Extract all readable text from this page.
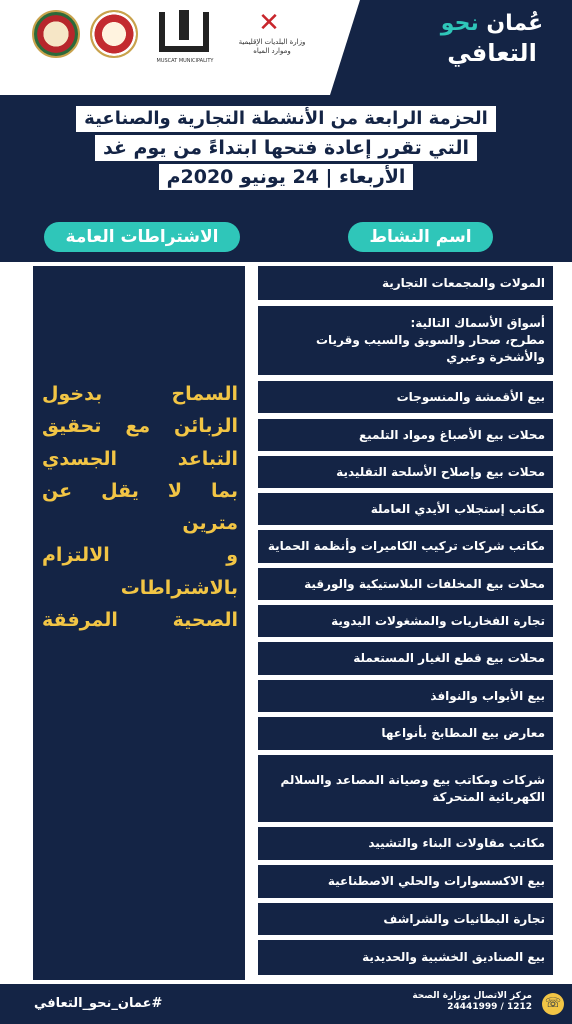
MUSCAT MUNICIPALITY
✕
وزارة البلديات الإقليمية
وموارد المياه
عُمان نحو
التعافي
الحزمة الرابعة من الأنشطة التجارية والصناعية
التي تقرر إعادة فتحها ابتداءً من يوم غد
الأربعاء | 24 يونيو 2020م
اسم النشاط
الاشتراطات العامة
السماح بدخول
الزبائن مع تحقيق
التباعد الجسدي
بما لا يقل عن
مترين
و الالتزام
بالاشتراطات
الصحية المرفقة
المولات والمجمعات التجارية
أسواق الأسماك التالية:
مطرح، صحار والسويق والسيب وقريات
والأشخرة وعبري
بيع الأقمشة والمنسوجات
محلات بيع الأصباغ ومواد التلميع
محلات بيع وإصلاح الأسلحة التقليدية
مكاتب إستجلاب الأيدي العاملة
مكاتب شركات تركيب الكاميرات وأنظمة الحماية
محلات بيع المخلفات البلاستيكية والورقية
تجارة الفخاريات والمشغولات اليدوية
محلات بيع قطع الغيار المستعملة
بيع الأبواب والنوافذ
معارض بيع المطابخ بأنواعها
شركات ومكاتب بيع وصيانة المصاعد والسلالم
الكهربائية المتحركة
مكاتب مقاولات البناء والتشييد
بيع الاكسسوارات والحلي الاصطناعية
تجارة البطانيات والشراشف
بيع الصناديق الخشبية والحديدية
#عمان_نحو_التعافي	مركز الاتصال بوزارة الصحة
1212 / 24441999 ☏
